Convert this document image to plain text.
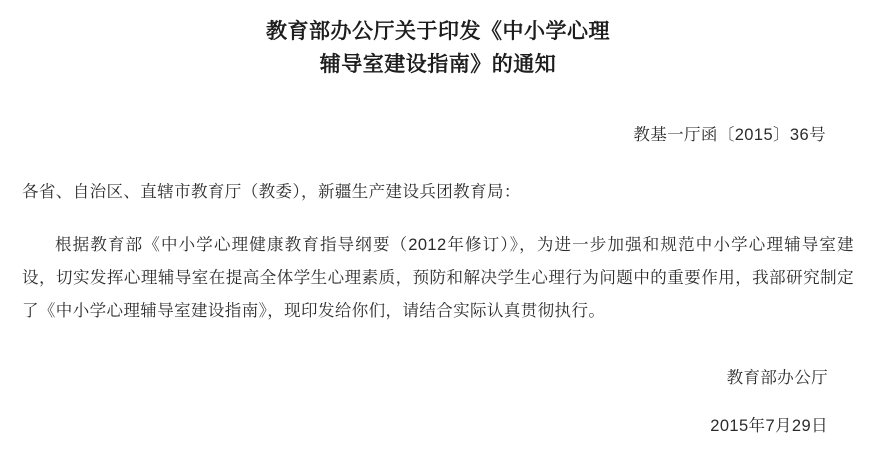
教育部办公厅关于印发《中小学心理
辅导室建设指南》的通知
教基一厅函〔2015〕36号
各省、自治区、直辖市教育厅（教委），新疆生产建设兵团教育局：

根据教育部《中小学心理健康教育指导纲要（2012年修订）》，为进一步加强和规范中小学心理辅导室建设，切实发挥心理辅导室在提高全体学生心理素质，预防和解决学生心理行为问题中的重要作用，我部研究制定了《中小学心理辅导室建设指南》，现印发给你们，请结合实际认真贯彻执行。

教育部办公厅
2015年7月29日
